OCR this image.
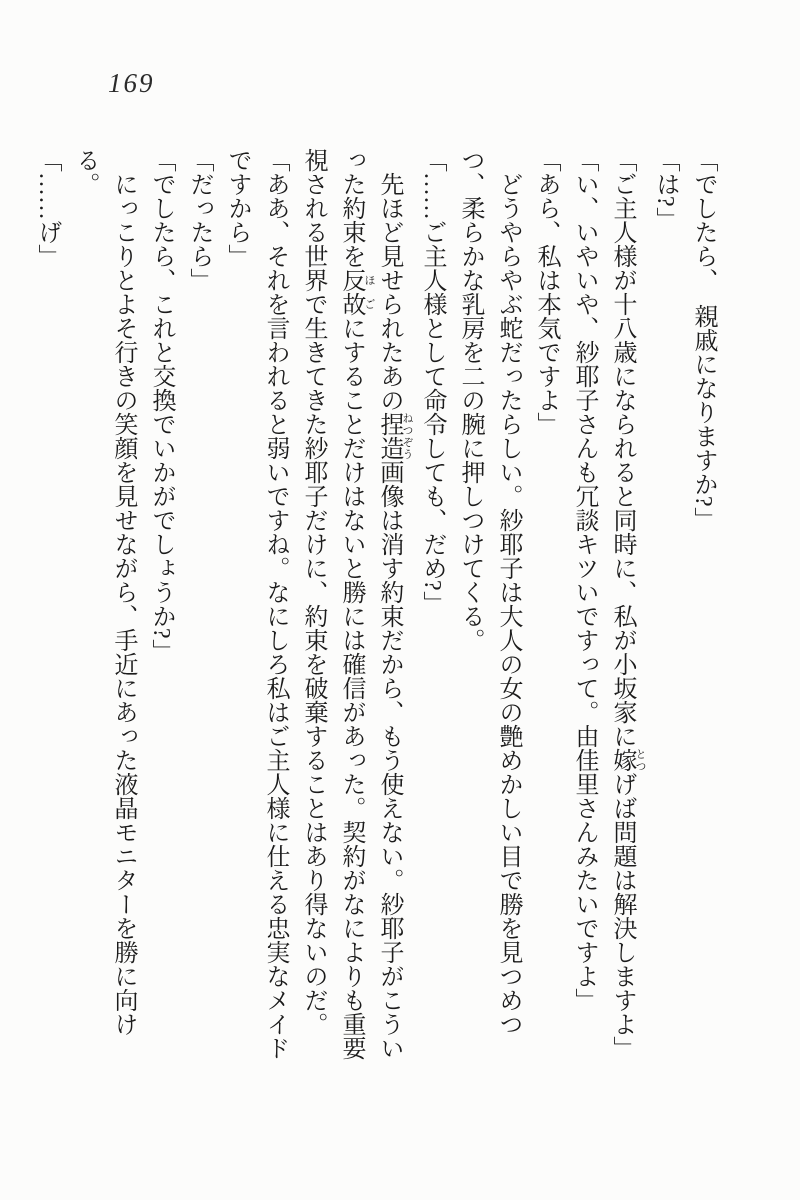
169

「でしたら、　親戚になりますか?」

「は?」

「ご主人様が十八歳になられると同時に、私が小坂家に嫁 とつげば問題は解決しますよ」

「い、いやいや、紗耶子さんも冗談キツいですって。由佳里さんみたいですよ」

「あら、私は本気ですよ」

どうやらやぶ蛇だったらしい。紗耶子は大人の女の艶めかしい目で勝を見つめつつ、柔らかな乳房を二の腕に押しつけてくる。

「……ご主人様として命令しても、だめ?」

先ほど見せられたあの捏造 ねつぞう画像は消す約束だから、もう使えない。紗耶子がこういった約束を反故 ほごにすることだけはないと勝には確信があった。契約がなによりも重要視される世界で生きてきた紗耶子だけに、約束を破棄することはあり得ないのだ。

「ああ、それを言われると弱いですね。なにしろ私はご主人様に仕える忠実なメイドですから」

「だったら」

「でしたら、これと交換でいかがでしょうか?」

にっこりとよそ行きの笑顔を見せながら、手近にあった液晶モニターを勝に向ける。

「……げ」
